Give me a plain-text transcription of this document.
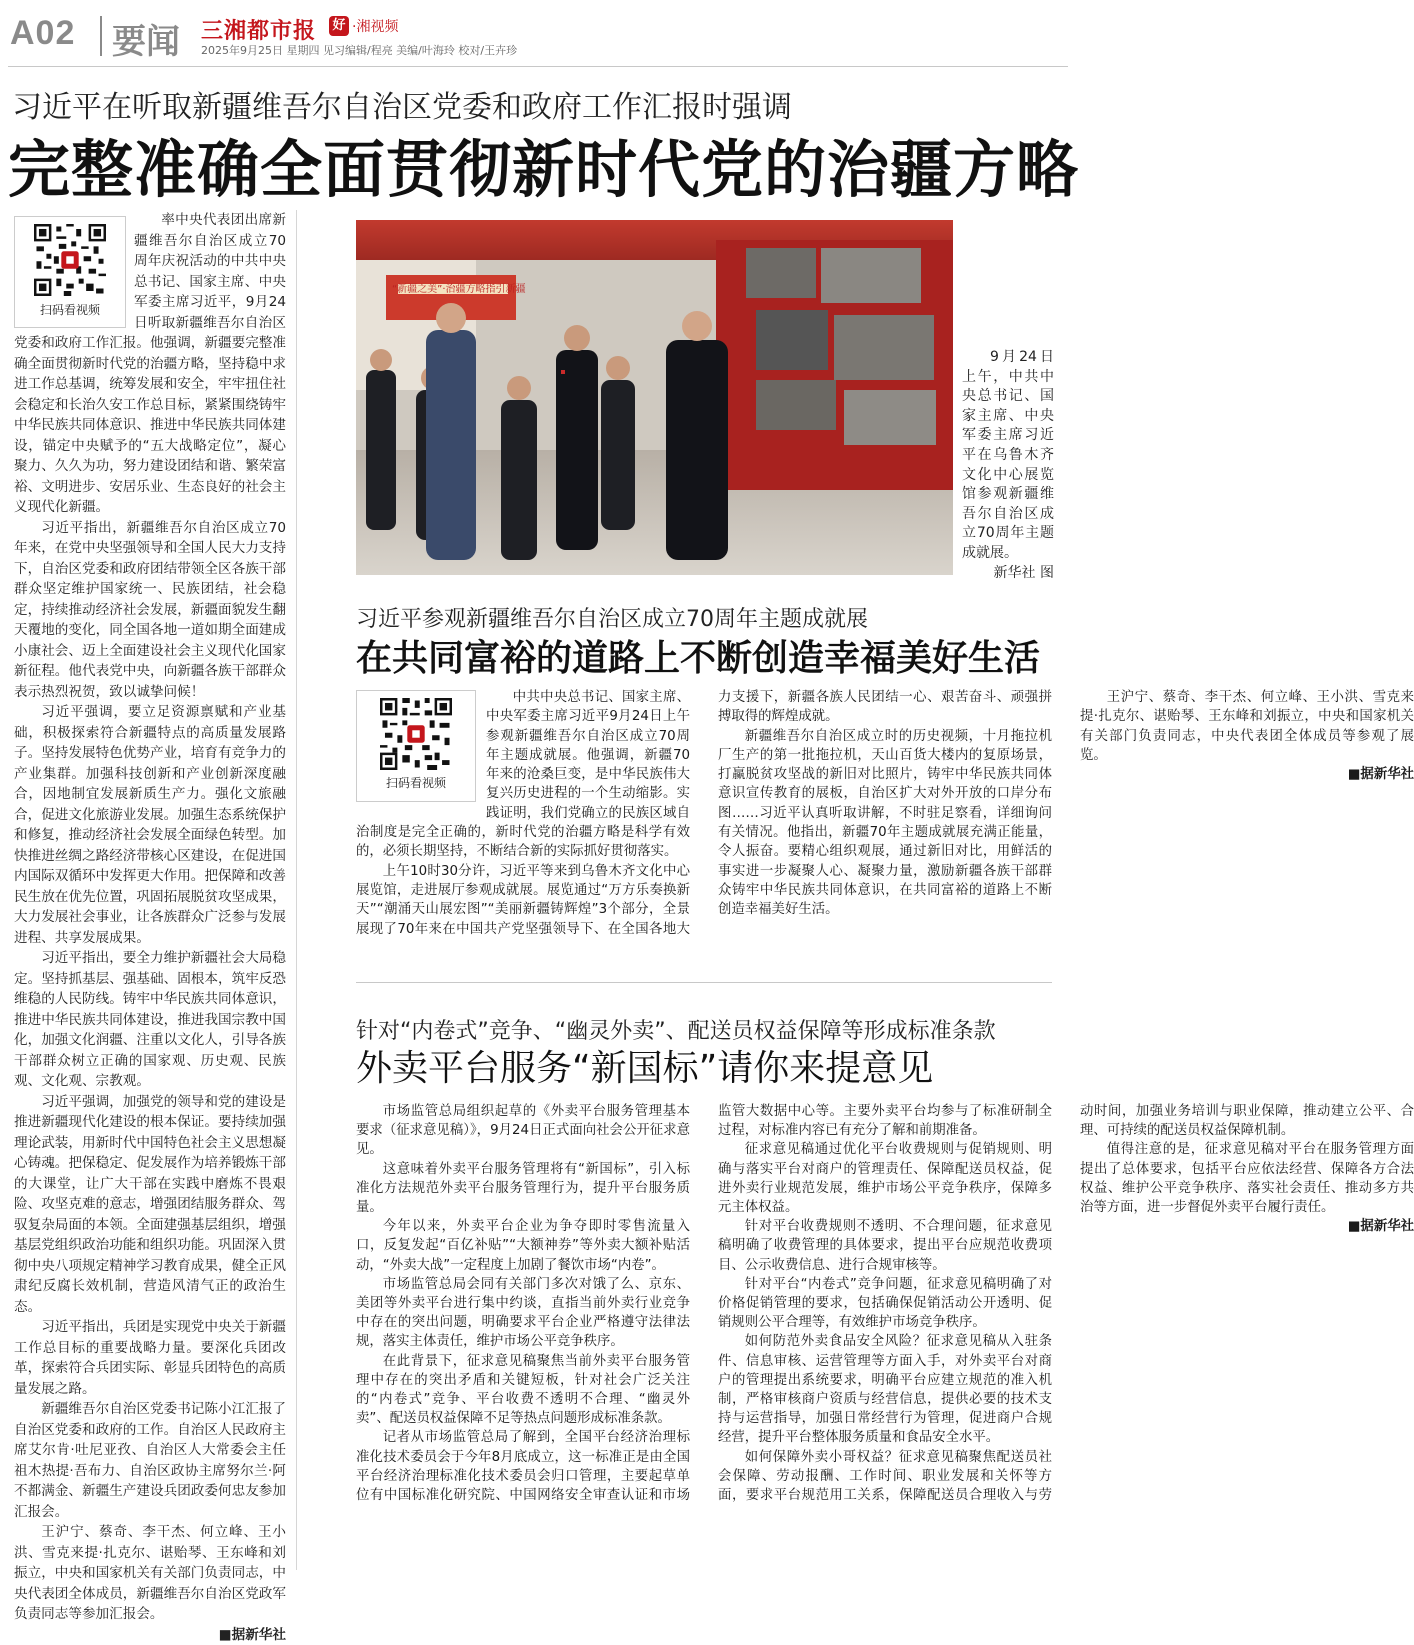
A02 要闻 三湘都市报 好 ·湘视频
2025年9月25日 星期四 见习编辑/程亮 美编/叶海玲 校对/王卉珍
习近平在听取新疆维吾尔自治区党委和政府工作汇报时强调
完整准确全面贯彻新时代党的治疆方略
扫码看视频

率中央代表团出席新疆维吾尔自治区成立70周年庆祝活动的中共中央总书记、国家主席、中央军委主席习近平，9月24日听取新疆维吾尔自治区党委和政府工作汇报。他强调，新疆要完整准确全面贯彻新时代党的治疆方略，坚持稳中求进工作总基调，统筹发展和安全，牢牢扭住社会稳定和长治久安工作总目标，紧紧围绕铸牢中华民族共同体意识、推进中华民族共同体建设，锚定中央赋予的“五大战略定位”，凝心聚力、久久为功，努力建设团结和谐、繁荣富裕、文明进步、安居乐业、生态良好的社会主义现代化新疆。

习近平指出，新疆维吾尔自治区成立70年来，在党中央坚强领导和全国人民大力支持下，自治区党委和政府团结带领全区各族干部群众坚定维护国家统一、民族团结，社会稳定，持续推动经济社会发展，新疆面貌发生翻天覆地的变化，同全国各地一道如期全面建成小康社会、迈上全面建设社会主义现代化国家新征程。他代表党中央，向新疆各族干部群众表示热烈祝贺，致以诚挚问候！

习近平强调，要立足资源禀赋和产业基础，积极探索符合新疆特点的高质量发展路子。坚持发展特色优势产业，培育有竞争力的产业集群。加强科技创新和产业创新深度融合，因地制宜发展新质生产力。强化文旅融合，促进文化旅游业发展。加强生态系统保护和修复，推动经济社会发展全面绿色转型。加快推进丝绸之路经济带核心区建设，在促进国内国际双循环中发挥更大作用。把保障和改善民生放在优先位置，巩固拓展脱贫攻坚成果，大力发展社会事业，让各族群众广泛参与发展进程、共享发展成果。

习近平指出，要全力维护新疆社会大局稳定。坚持抓基层、强基础、固根本，筑牢反恐维稳的人民防线。铸牢中华民族共同体意识，推进中华民族共同体建设，推进我国宗教中国化，加强文化润疆、注重以文化人，引导各族干部群众树立正确的国家观、历史观、民族观、文化观、宗教观。

习近平强调，加强党的领导和党的建设是推进新疆现代化建设的根本保证。要持续加强理论武装，用新时代中国特色社会主义思想凝心铸魂。把保稳定、促发展作为培养锻炼干部的大课堂，让广大干部在实践中磨炼不畏艰险、攻坚克难的意志，增强团结服务群众、驾驭复杂局面的本领。全面建强基层组织，增强基层党组织政治功能和组织功能。巩固深入贯彻中央八项规定精神学习教育成果，健全正风肃纪反腐长效机制，营造风清气正的政治生态。

习近平指出，兵团是实现党中央关于新疆工作总目标的重要战略力量。要深化兵团改革，探索符合兵团实际、彰显兵团特色的高质量发展之路。

新疆维吾尔自治区党委书记陈小江汇报了自治区党委和政府的工作。自治区人民政府主席艾尔肯·吐尼亚孜、自治区人大常委会主任祖木热提·吾布力、自治区政协主席努尔兰·阿不都满金、新疆生产建设兵团政委何忠友参加汇报会。

王沪宁、蔡奇、李干杰、何立峰、王小洪、雪克来提·扎克尔、谌贻琴、王东峰和刘振立，中央和国家机关有关部门负责同志，中央代表团全体成员，新疆维吾尔自治区党政军负责同志等参加汇报会。

■据新华社

“新疆之美”·治疆方略指引新疆

9月24日上午，中共中央总书记、国家主席、中央军委主席习近平在乌鲁木齐文化中心展览馆参观新疆维吾尔自治区成立70周年主题成就展。

新华社 图

习近平参观新疆维吾尔自治区成立70周年主题成就展
在共同富裕的道路上不断创造幸福美好生活
扫码看视频

中共中央总书记、国家主席、中央军委主席习近平9月24日上午参观新疆维吾尔自治区成立70周年主题成就展。他强调，新疆70年来的沧桑巨变，是中华民族伟大复兴历史进程的一个生动缩影。实践证明，我们党确立的民族区域自治制度是完全正确的，新时代党的治疆方略是科学有效的，必须长期坚持，不断结合新的实际抓好贯彻落实。

上午10时30分许，习近平等来到乌鲁木齐文化中心展览馆，走进展厅参观成就展。展览通过“万方乐奏换新天”“潮涌天山展宏图”“美丽新疆铸辉煌”3个部分，全景展现了70年来在中国共产党坚强领导下、在全国各地大力支援下，新疆各族人民团结一心、艰苦奋斗、顽强拼搏取得的辉煌成就。

新疆维吾尔自治区成立时的历史视频，十月拖拉机厂生产的第一批拖拉机，天山百货大楼内的复原场景，打赢脱贫攻坚战的新旧对比照片，铸牢中华民族共同体意识宣传教育的展板，自治区扩大对外开放的口岸分布图……习近平认真听取讲解，不时驻足察看，详细询问有关情况。他指出，新疆70年主题成就展充满正能量，令人振奋。要精心组织观展，通过新旧对比，用鲜活的事实进一步凝聚人心、凝聚力量，激励新疆各族干部群众铸牢中华民族共同体意识，在共同富裕的道路上不断创造幸福美好生活。

王沪宁、蔡奇、李干杰、何立峰、王小洪、雪克来提·扎克尔、谌贻琴、王东峰和刘振立，中央和国家机关有关部门负责同志，中央代表团全体成员等参观了展览。

■据新华社

针对“内卷式”竞争、“幽灵外卖”、配送员权益保障等形成标准条款
外卖平台服务“新国标”请你来提意见

市场监管总局组织起草的《外卖平台服务管理基本要求（征求意见稿）》，9月24日正式面向社会公开征求意见。

这意味着外卖平台服务管理将有“新国标”，引入标准化方法规范外卖平台服务管理行为，提升平台服务质量。

今年以来，外卖平台企业为争夺即时零售流量入口，反复发起“百亿补贴”“大额神券”等外卖大额补贴活动，“外卖大战”一定程度上加剧了餐饮市场“内卷”。

市场监管总局会同有关部门多次对饿了么、京东、美团等外卖平台进行集中约谈，直指当前外卖行业竞争中存在的突出问题，明确要求平台企业严格遵守法律法规，落实主体责任，维护市场公平竞争秩序。

在此背景下，征求意见稿聚焦当前外卖平台服务管理中存在的突出矛盾和关键短板，针对社会广泛关注的“内卷式”竞争、平台收费不透明不合理、“幽灵外卖”、配送员权益保障不足等热点问题形成标准条款。

记者从市场监管总局了解到，全国平台经济治理标准化技术委员会于今年8月底成立，这一标准正是由全国平台经济治理标准化技术委员会归口管理，主要起草单位有中国标准化研究院、中国网络安全审查认证和市场监管大数据中心等。主要外卖平台均参与了标准研制全过程，对标准内容已有充分了解和前期准备。

征求意见稿通过优化平台收费规则与促销规则、明确与落实平台对商户的管理责任、保障配送员权益，促进外卖行业规范发展，维护市场公平竞争秩序，保障多元主体权益。

针对平台收费规则不透明、不合理问题，征求意见稿明确了收费管理的具体要求，提出平台应规范收费项目、公示收费信息、进行合规审核等。

针对平台“内卷式”竞争问题，征求意见稿明确了对价格促销管理的要求，包括确保促销活动公开透明、促销规则公平合理等，有效维护市场竞争秩序。

如何防范外卖食品安全风险？征求意见稿从入驻条件、信息审核、运营管理等方面入手，对外卖平台对商户的管理提出系统要求，明确平台应建立规范的准入机制，严格审核商户资质与经营信息，提供必要的技术支持与运营指导，加强日常经营行为管理，促进商户合规经营，提升平台整体服务质量和食品安全水平。

如何保障外卖小哥权益？征求意见稿聚焦配送员社会保障、劳动报酬、工作时间、职业发展和关怀等方面，要求平台规范用工关系，保障配送员合理收入与劳动时间，加强业务培训与职业保障，推动建立公平、合理、可持续的配送员权益保障机制。

值得注意的是，征求意见稿对平台在服务管理方面提出了总体要求，包括平台应依法经营、保障各方合法权益、维护公平竞争秩序、落实社会责任、推动多方共治等方面，进一步督促外卖平台履行责任。

■据新华社
